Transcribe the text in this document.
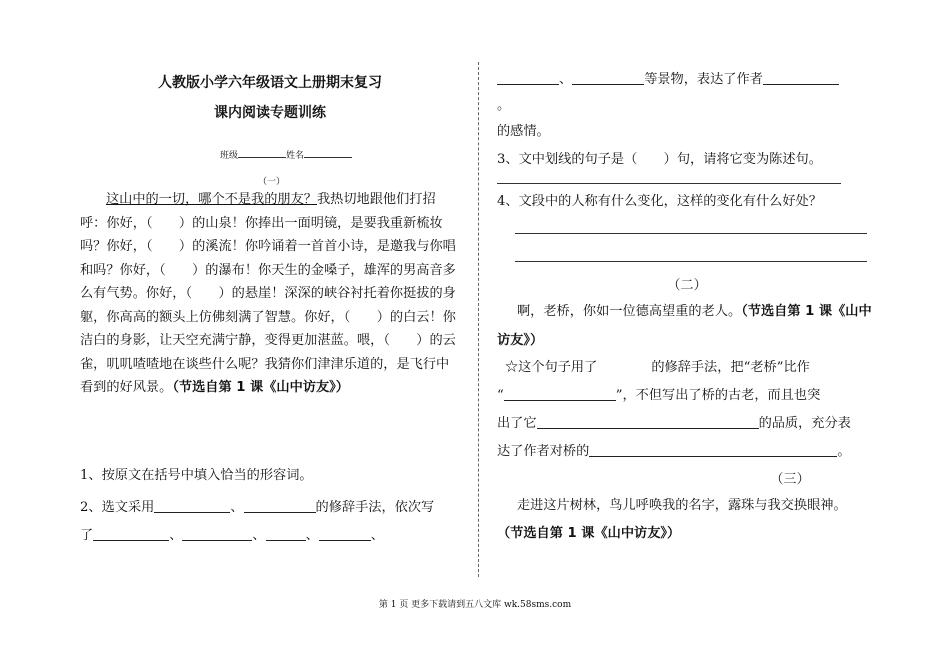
人教版小学六年级语文上册期末复习
课内阅读专题训练
班级	姓名
（一）
这山中的一切，哪个不是我的朋友？我热切地跟他们打招呼：你好，（　　）的山泉！你捧出一面明镜，是要我重新梳妆吗？你好，（　　）的溪流！你吟诵着一首首小诗，是邀我与你唱和吗？你好，（　　）的瀑布！你天生的金嗓子，雄浑的男高音多么有气势。你好，（　　）的悬崖！深深的峡谷衬托着你挺拔的身躯，你高高的额头上仿佛刻满了智慧。你好，（　　）的白云！你洁白的身影，让天空充满宁静，变得更加湛蓝。喂，（　　）的云雀，叽叽喳喳地在谈些什么呢？我猜你们津津乐道的，是飞行中看到的好风景。（节选自第 1 课《山中访友》）
1、按原文在括号中填入恰当的形容词。
2、选文采用	、	的修辞手法，依次写
了	、	、	、	、
、	等景物，表达了作者
。
的感情。
3、文中划线的句子是（　　）句，请将它变为陈述句。
4、文段中的人称有什么变化，这样的变化有什么好处？
（二）
啊，老桥，你如一位德高望重的老人。（节选自第 1 课《山中访友》）
☆这个句子用了	的修辞手法，把“老桥”比作
“	”，不但写出了桥的古老，而且也突
出了它	的品质，充分表
达了作者对桥的	。
（三）
走进这片树林，鸟儿呼唤我的名字，露珠与我交换眼神。
（节选自第 1 课《山中访友》）
第 1 页 更多下载请到五八文库 wk.58sms.com
